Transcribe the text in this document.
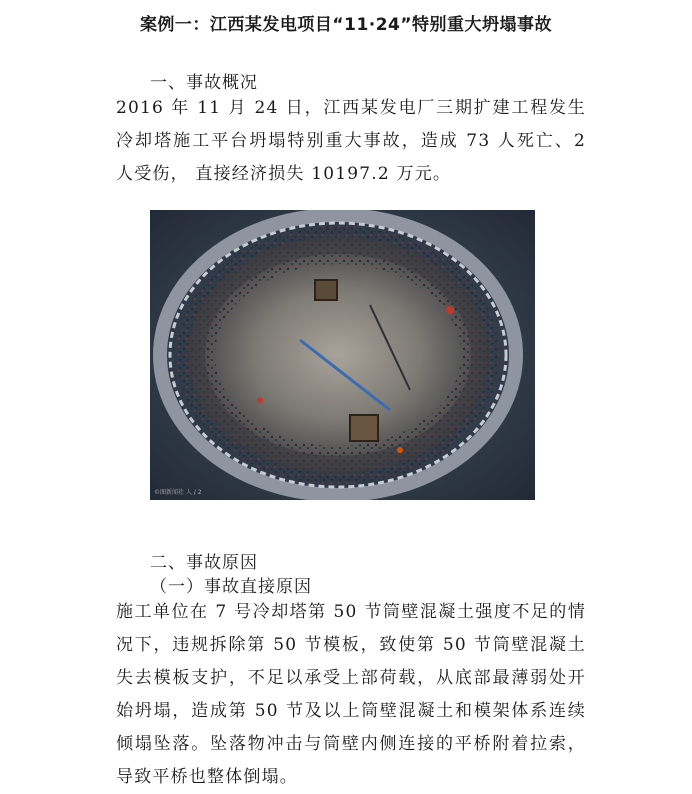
案例一：江西某发电项目“11·24”特别重大坍塌事故

一、事故概况

2016 年 11 月 24 日，江西某发电厂三期扩建工程发生冷却塔施工平台坍塌特别重大事故，造成 73 人死亡、2 人受伤， 直接经济损失 10197.2 万元。

©图新闻社 人 / 2

二、事故原因

（一）事故直接原因

施工单位在 7 号冷却塔第 50 节筒壁混凝土强度不足的情况下，违规拆除第 50 节模板，致使第 50 节筒壁混凝土失去模板支护，不足以承受上部荷载，从底部最薄弱处开始坍塌，造成第 50 节及以上筒壁混凝土和模架体系连续倾塌坠落。坠落物冲击与筒壁内侧连接的平桥附着拉索，导致平桥也整体倒塌。
